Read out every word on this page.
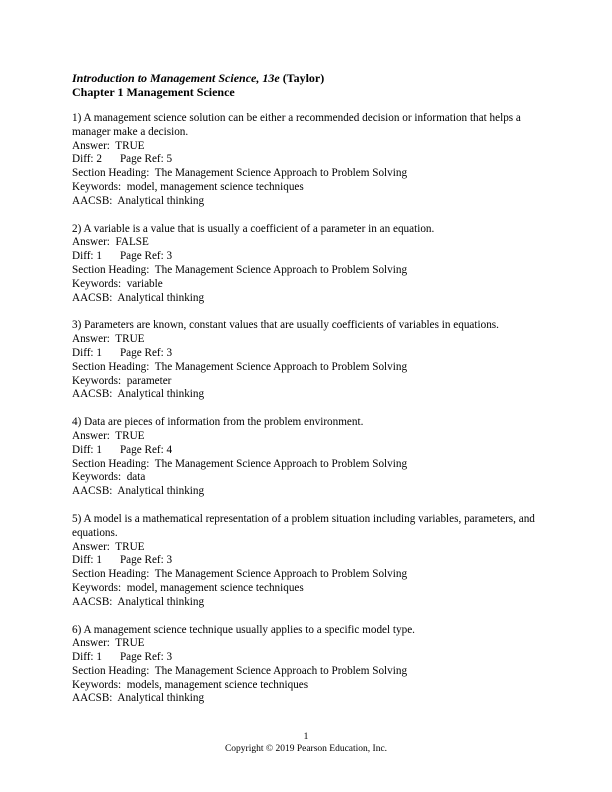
Introduction to Management Science, 13e (Taylor)

Chapter 1 Management Science

1) A management science solution can be either a recommended decision or information that helps a manager make a decision.
Answer:  TRUE
Diff: 2 Page Ref: 5
Section Heading:  The Management Science Approach to Problem Solving
Keywords:  model, management science techniques
AACSB:  Analytical thinking
2) A variable is a value that is usually a coefficient of a parameter in an equation.
Answer:  FALSE
Diff: 1 Page Ref: 3
Section Heading:  The Management Science Approach to Problem Solving
Keywords:  variable
AACSB:  Analytical thinking
3) Parameters are known, constant values that are usually coefficients of variables in equations.
Answer:  TRUE
Diff: 1 Page Ref: 3
Section Heading:  The Management Science Approach to Problem Solving
Keywords:  parameter
AACSB:  Analytical thinking
4) Data are pieces of information from the problem environment.
Answer:  TRUE
Diff: 1 Page Ref: 4
Section Heading:  The Management Science Approach to Problem Solving
Keywords:  data
AACSB:  Analytical thinking
5) A model is a mathematical representation of a problem situation including variables, parameters, and equations.
Answer:  TRUE
Diff: 1 Page Ref: 3
Section Heading:  The Management Science Approach to Problem Solving
Keywords:  model, management science techniques
AACSB:  Analytical thinking
6) A management science technique usually applies to a specific model type.
Answer:  TRUE
Diff: 1 Page Ref: 3
Section Heading:  The Management Science Approach to Problem Solving
Keywords:  models, management science techniques
AACSB:  Analytical thinking
1
Copyright © 2019 Pearson Education, Inc.
